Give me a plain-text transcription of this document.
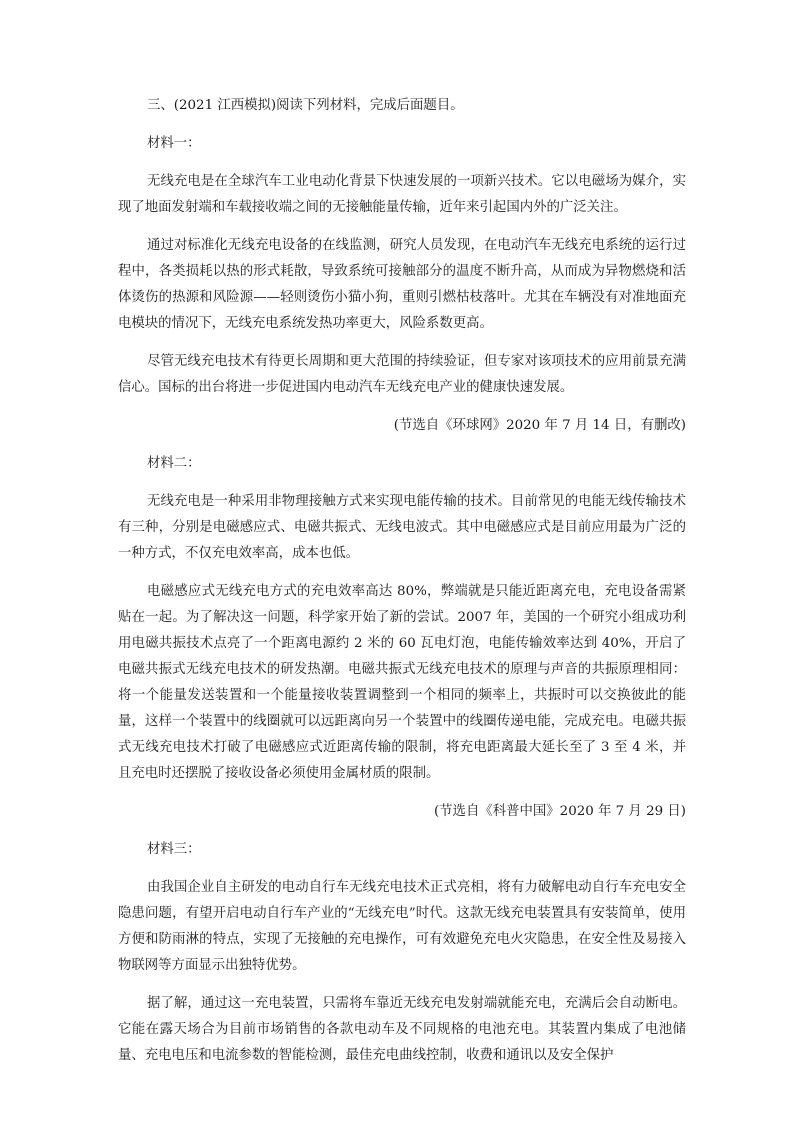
三、(2021 江西模拟)阅读下列材料，完成后面题目。

材料一：

无线充电是在全球汽车工业电动化背景下快速发展的一项新兴技术。它以电磁场为媒介，实现了地面发射端和车载接收端之间的无接触能量传输，近年来引起国内外的广泛关注。

通过对标准化无线充电设备的在线监测，研究人员发现，在电动汽车无线充电系统的运行过程中，各类损耗以热的形式耗散，导致系统可接触部分的温度不断升高，从而成为异物燃烧和活体烫伤的热源和风险源——轻则烫伤小猫小狗，重则引燃枯枝落叶。尤其在车辆没有对准地面充电模块的情况下，无线充电系统发热功率更大，风险系数更高。

尽管无线充电技术有待更长周期和更大范围的持续验证，但专家对该项技术的应用前景充满信心。国标的出台将进一步促进国内电动汽车无线充电产业的健康快速发展。

(节选自《环球网》2020 年 7 月 14 日，有删改)

材料二：

无线充电是一种采用非物理接触方式来实现电能传输的技术。目前常见的电能无线传输技术有三种，分别是电磁感应式、电磁共振式、无线电波式。其中电磁感应式是目前应用最为广泛的一种方式，不仅充电效率高，成本也低。

电磁感应式无线充电方式的充电效率高达 80%，弊端就是只能近距离充电，充电设备需紧贴在一起。为了解决这一问题，科学家开始了新的尝试。2007 年，美国的一个研究小组成功利用电磁共振技术点亮了一个距离电源约 2 米的 60 瓦电灯泡，电能传输效率达到 40%，开启了电磁共振式无线充电技术的研发热潮。电磁共振式无线充电技术的原理与声音的共振原理相同：将一个能量发送装置和一个能量接收装置调整到一个相同的频率上，共振时可以交换彼此的能量，这样一个装置中的线圈就可以远距离向另一个装置中的线圈传递电能，完成充电。电磁共振式无线充电技术打破了电磁感应式近距离传输的限制，将充电距离最大延长至了 3 至 4 米，并且充电时还摆脱了接收设备必须使用金属材质的限制。

(节选自《科普中国》2020 年 7 月 29 日)

材料三：

由我国企业自主研发的电动自行车无线充电技术正式亮相，将有力破解电动自行车充电安全隐患问题，有望开启电动自行车产业的“无线充电”时代。这款无线充电装置具有安装简单，使用方便和防雨淋的特点，实现了无接触的充电操作，可有效避免充电火灾隐患，在安全性及易接入物联网等方面显示出独特优势。

据了解，通过这一充电装置，只需将车靠近无线充电发射端就能充电，充满后会自动断电。它能在露天场合为目前市场销售的各款电动车及不同规格的电池充电。其装置内集成了电池储量、充电电压和电流参数的智能检测，最佳充电曲线控制，收费和通讯以及安全保护
